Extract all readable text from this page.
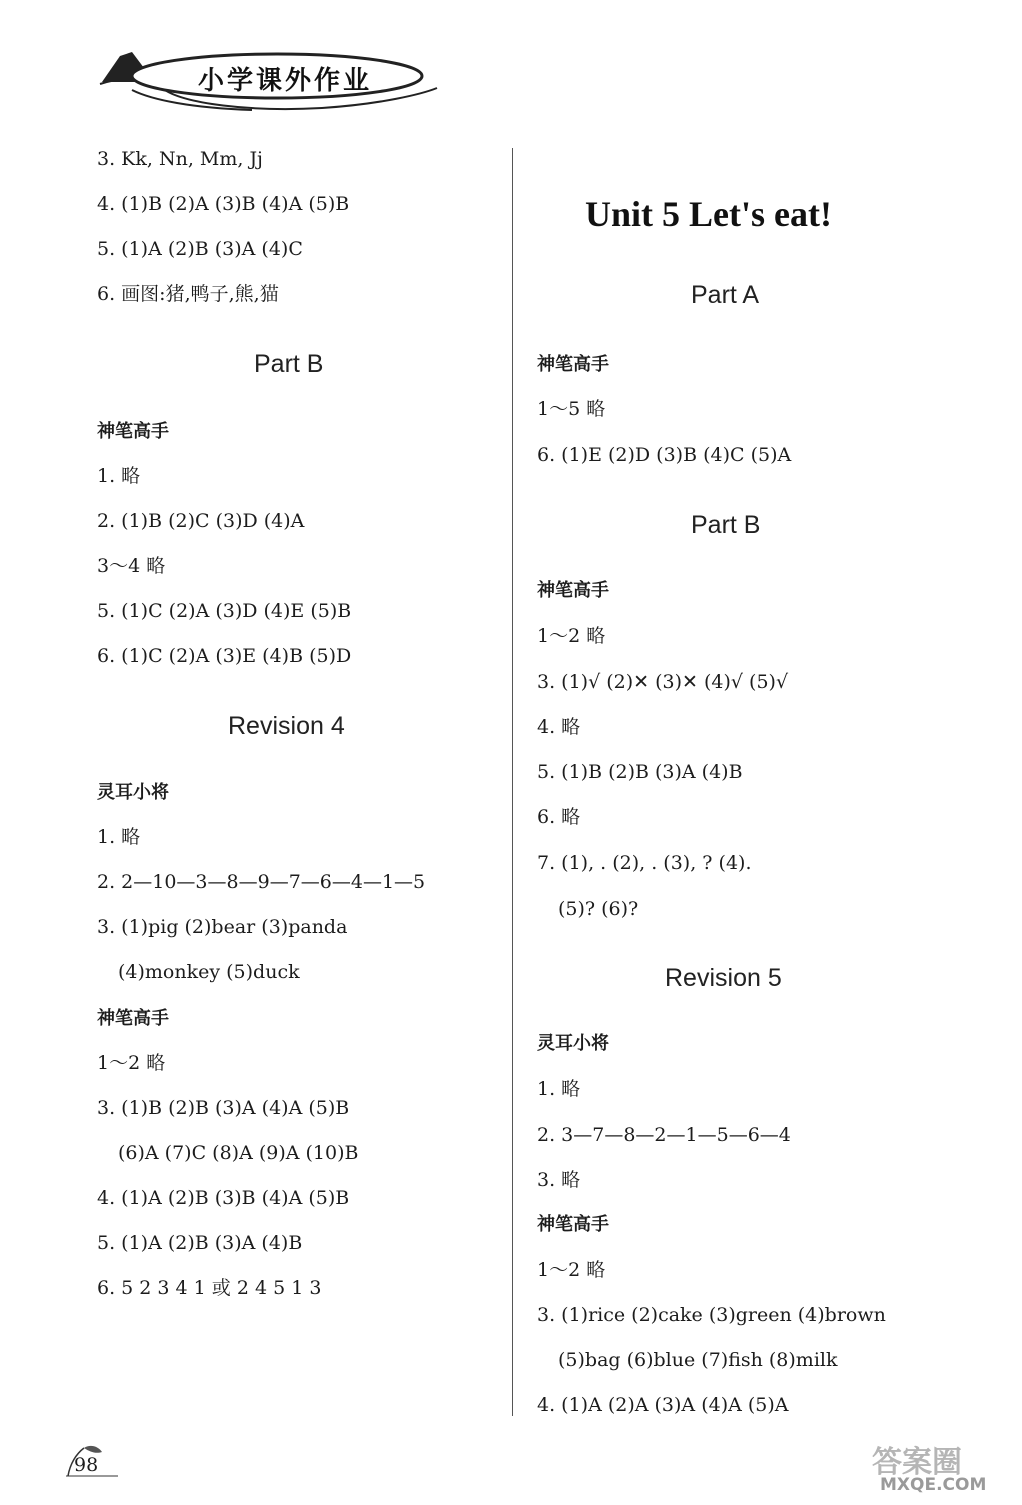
小学课外作业
3. Kk, Nn, Mm, Jj
4. (1)B (2)A (3)B (4)A (5)B
5. (1)A (2)B (3)A (4)C
6. 画图:猪,鸭子,熊,猫
Part B
神笔高手
1. 略
2. (1)B (2)C (3)D (4)A
3～4 略
5. (1)C (2)A (3)D (4)E (5)B
6. (1)C (2)A (3)E (4)B (5)D
Revision 4
灵耳小将
1. 略
2. 2—10—3—8—9—7—6—4—1—5
3. (1)pig (2)bear (3)panda
(4)monkey (5)duck
神笔高手
1～2 略
3. (1)B (2)B (3)A (4)A (5)B
(6)A (7)C (8)A (9)A (10)B
4. (1)A (2)B (3)B (4)A (5)B
5. (1)A (2)B (3)A (4)B
6. 5 2 3 4 1 或 2 4 5 1 3
Unit 5 Let's eat!
Part A
神笔高手
1～5 略
6. (1)E (2)D (3)B (4)C (5)A
Part B
神笔高手
1～2 略
3. (1)√ (2)✕ (3)✕ (4)√ (5)√
4. 略
5. (1)B (2)B (3)A (4)B
6. 略
7. (1), . (2), . (3), ? (4).
(5)? (6)?
Revision 5
灵耳小将
1. 略
2. 3—7—8—2—1—5—6—4
3. 略
神笔高手
1～2 略
3. (1)rice (2)cake (3)green (4)brown
(5)bag (6)blue (7)fish (8)milk
4. (1)A (2)A (3)A (4)A (5)A
98	答案圈
MXQE.COM
